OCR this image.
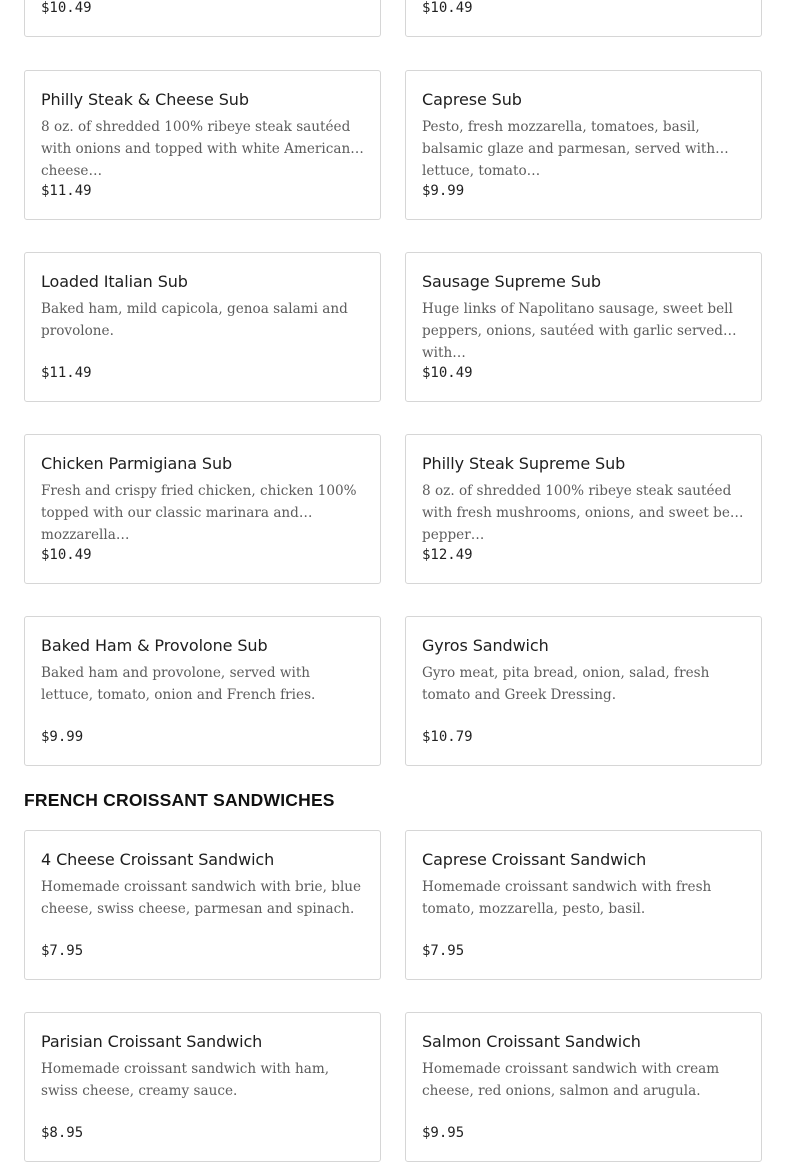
$10.49	$10.49
Philly Steak & Cheese Sub
8 oz. of shredded 100% ribeye steak sautéed with onions and topped with white American cheese…
$11.49
Caprese Sub
Pesto, fresh mozzarella, tomatoes, basil, balsamic glaze and parmesan, served with lettuce, tomato…
$9.99
Loaded Italian Sub
Baked ham, mild capicola, genoa salami and provolone.
$11.49
Sausage Supreme Sub
Huge links of Napolitano sausage, sweet bell peppers, onions, sautéed with garlic served with…
$10.49
Chicken Parmigiana Sub
Fresh and crispy fried chicken, chicken 100% topped with our classic marinara and mozzarella…
$10.49
Philly Steak Supreme Sub
8 oz. of shredded 100% ribeye steak sautéed with fresh mushrooms, onions, and sweet bell pepper…
$12.49
Baked Ham & Provolone Sub
Baked ham and provolone, served with lettuce, tomato, onion and French fries.
$9.99
Gyros Sandwich
Gyro meat, pita bread, onion, salad, fresh tomato and Greek Dressing.
$10.79
FRENCH CROISSANT SANDWICHES
4 Cheese Croissant Sandwich
Homemade croissant sandwich with brie, blue cheese, swiss cheese, parmesan and spinach.
$7.95
Caprese Croissant Sandwich
Homemade croissant sandwich with fresh tomato, mozzarella, pesto, basil.
$7.95
Parisian Croissant Sandwich
Homemade croissant sandwich with ham, swiss cheese, creamy sauce.
$8.95
Salmon Croissant Sandwich
Homemade croissant sandwich with cream cheese, red onions, salmon and arugula.
$9.95
